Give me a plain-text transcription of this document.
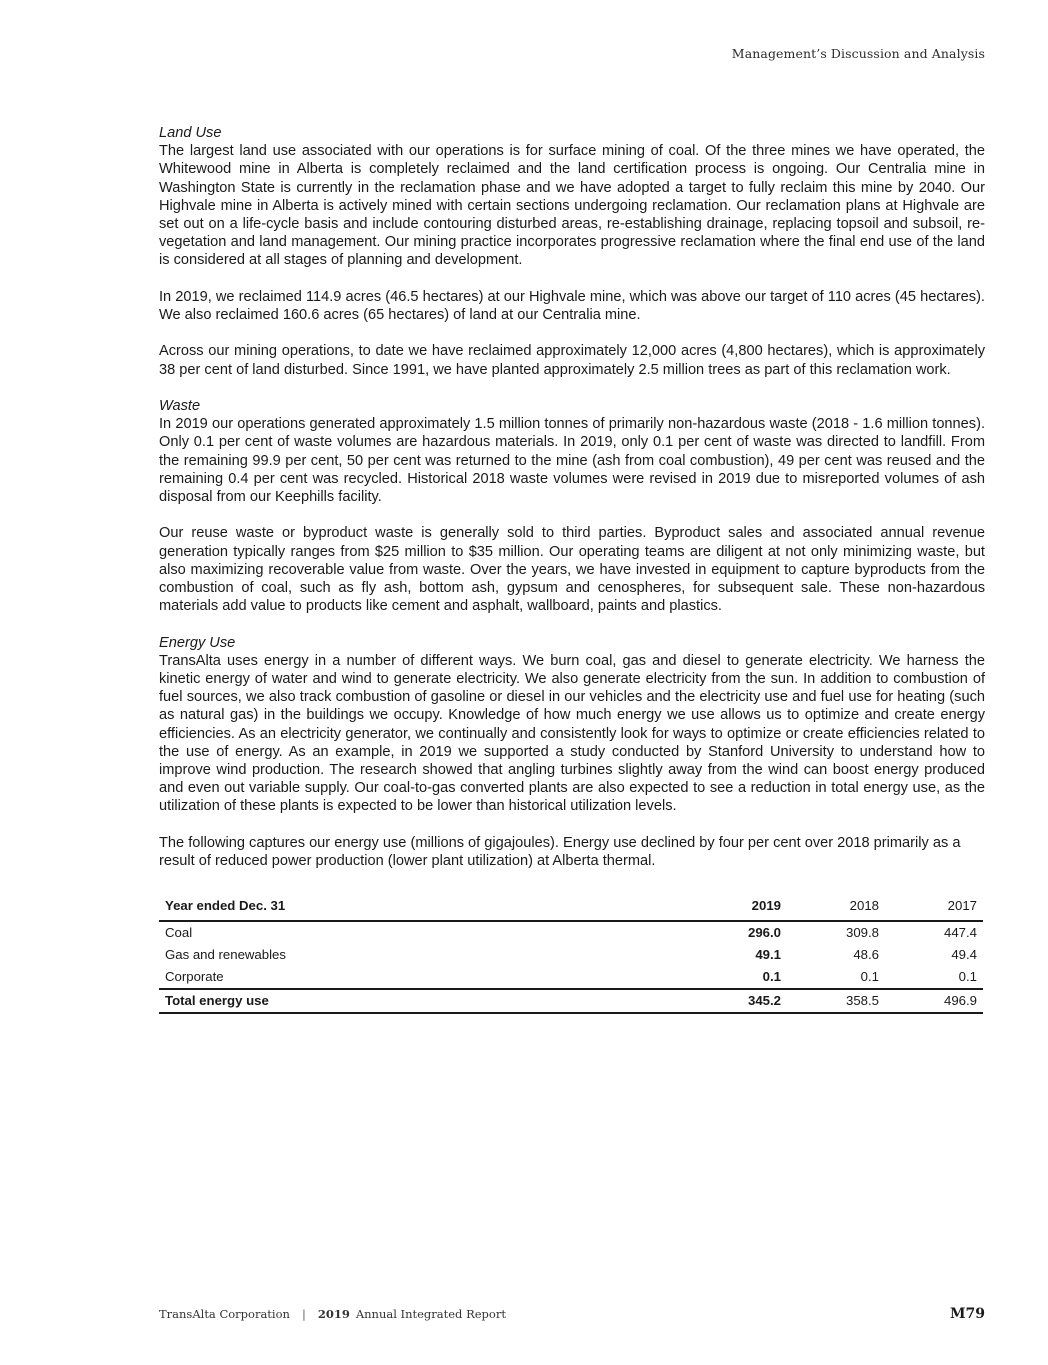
Management’s Discussion and Analysis

Land Use

The largest land use associated with our operations is for surface mining of coal. Of the three mines we have operated, the Whitewood mine in Alberta is completely reclaimed and the land certification process is ongoing. Our Centralia mine in Washington State is currently in the reclamation phase and we have adopted a target to fully reclaim this mine by 2040. Our Highvale mine in Alberta is actively mined with certain sections undergoing reclamation. Our reclamation plans at Highvale are set out on a life-cycle basis and include contouring disturbed areas, re-establishing drainage, replacing topsoil and subsoil, re-vegetation and land management. Our mining practice incorporates progressive reclamation where the final end use of the land is considered at all stages of planning and development.

In 2019, we reclaimed 114.9 acres (46.5 hectares) at our Highvale mine, which was above our target of 110 acres (45 hectares). We also reclaimed 160.6 acres (65 hectares) of land at our Centralia mine.

Across our mining operations, to date we have reclaimed approximately 12,000 acres (4,800 hectares), which is approximately 38 per cent of land disturbed. Since 1991, we have planted approximately 2.5 million trees as part of this reclamation work.

Waste

In 2019 our operations generated approximately 1.5 million tonnes of primarily non-hazardous waste (2018 - 1.6 million tonnes). Only 0.1 per cent of waste volumes are hazardous materials. In 2019, only 0.1 per cent of waste was directed to landfill. From the remaining 99.9 per cent, 50 per cent was returned to the mine (ash from coal combustion), 49 per cent was reused and the remaining 0.4 per cent was recycled. Historical 2018 waste volumes were revised in 2019 due to misreported volumes of ash disposal from our Keephills facility.

Our reuse waste or byproduct waste is generally sold to third parties. Byproduct sales and associated annual revenue generation typically ranges from $25 million to $35 million. Our operating teams are diligent at not only minimizing waste, but also maximizing recoverable value from waste. Over the years, we have invested in equipment to capture byproducts from the combustion of coal, such as fly ash, bottom ash, gypsum and cenospheres, for subsequent sale. These non-hazardous materials add value to products like cement and asphalt, wallboard, paints and plastics.

Energy Use

TransAlta uses energy in a number of different ways. We burn coal, gas and diesel to generate electricity. We harness the kinetic energy of water and wind to generate electricity. We also generate electricity from the sun. In addition to combustion of fuel sources, we also track combustion of gasoline or diesel in our vehicles and the electricity use and fuel use for heating (such as natural gas) in the buildings we occupy. Knowledge of how much energy we use allows us to optimize and create energy efficiencies. As an electricity generator, we continually and consistently look for ways to optimize or create efficiencies related to the use of energy. As an example, in 2019 we supported a study conducted by Stanford University to understand how to improve wind production. The research showed that angling turbines slightly away from the wind can boost energy produced and even out variable supply. Our coal-to-gas converted plants are also expected to see a reduction in total energy use, as the utilization of these plants is expected to be lower than historical utilization levels.

The following captures our energy use (millions of gigajoules). Energy use declined by four per cent over 2018 primarily as a result of reduced power production (lower plant utilization) at Alberta thermal.

Year ended Dec. 31	2019	2018	2017
Coal	296.0	309.8	447.4
Gas and renewables	49.1	48.6	49.4
Corporate	0.1	0.1	0.1
Total energy use	345.2	358.5	496.9
TransAlta Corporation | 2019 Annual Integrated Report	M79
